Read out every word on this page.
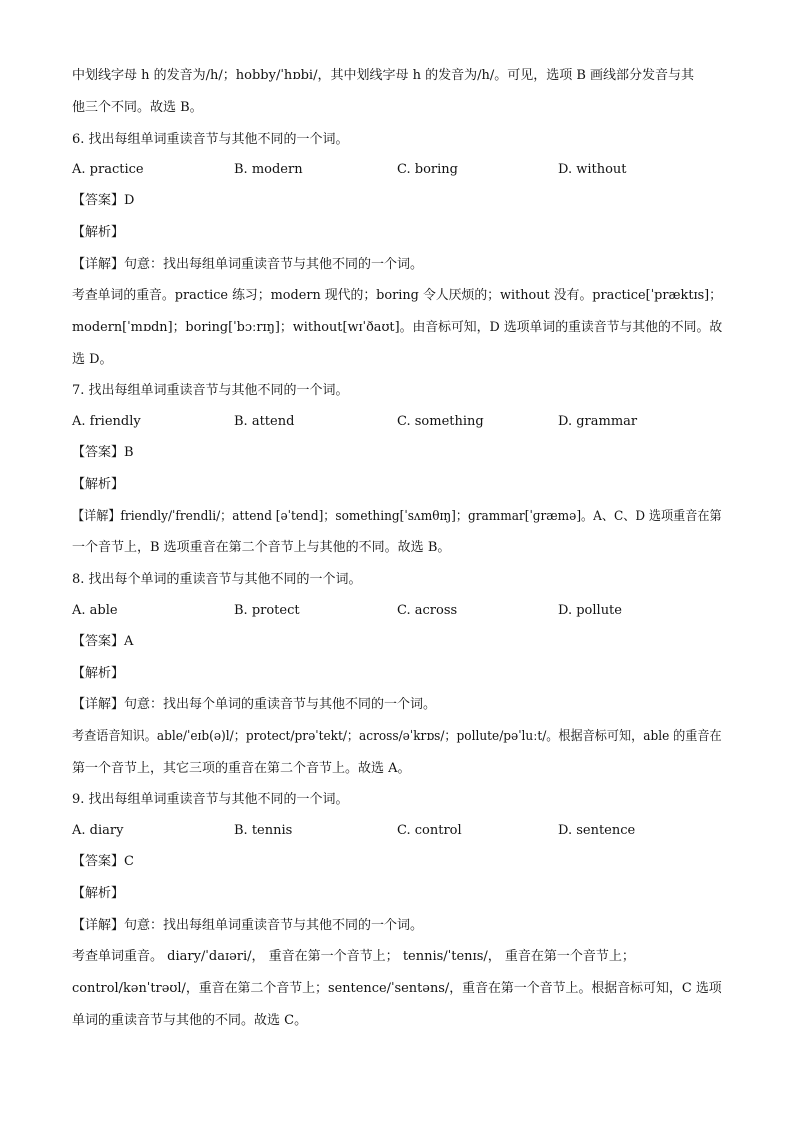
中划线字母 h 的发音为/h/；hobby/ˈhɒbi/，其中划线字母 h 的发音为/h/。可见，选项 B 画线部分发音与其
他三个不同。故选 B。
6. 找出每组单词重读音节与其他不同的一个词。
A. practice	B. modern	C. boring	D. without
【答案】D
【解析】
【详解】句意：找出每组单词重读音节与其他不同的一个词。
考查单词的重音。practice 练习；modern 现代的；boring 令人厌烦的；without 没有。practice[ˈpræktɪs]；
modern[ˈmɒdn]；boring[ˈbɔːrɪŋ]；without[wɪˈðaʊt]。由音标可知，D 选项单词的重读音节与其他的不同。故
选 D。
7. 找出每组单词重读音节与其他不同的一个词。
A. friendly	B. attend	C. something	D. grammar
【答案】B
【解析】
【详解】friendly/ˈfrendli/；attend [əˈtend]；something[ˈsʌmθɪŋ]；grammar[ˈɡræmə]。A、C、D 选项重音在第
一个音节上，B 选项重音在第二个音节上与其他的不同。故选 B。
8. 找出每个单词的重读音节与其他不同的一个词。
A. able	B. protect	C. across	D. pollute
【答案】A
【解析】
【详解】句意：找出每个单词的重读音节与其他不同的一个词。
考查语音知识。able/ˈeɪb(ə)l/；protect/prəˈtekt/；across/əˈkrɒs/；pollute/pəˈluːt/。根据音标可知，able 的重音在
第一个音节上，其它三项的重音在第二个音节上。故选 A。
9. 找出每组单词重读音节与其他不同的一个词。
A. diary	B. tennis	C. control	D. sentence
【答案】C
【解析】
【详解】句意：找出每组单词重读音节与其他不同的一个词。
考查单词重音。 diary/ˈdaɪəri/， 重音在第一个音节上； tennis/ˈtenɪs/， 重音在第一个音节上；
control/kənˈtrəʊl/，重音在第二个音节上；sentence/ˈsentəns/，重音在第一个音节上。根据音标可知，C 选项
单词的重读音节与其他的不同。故选 C。
